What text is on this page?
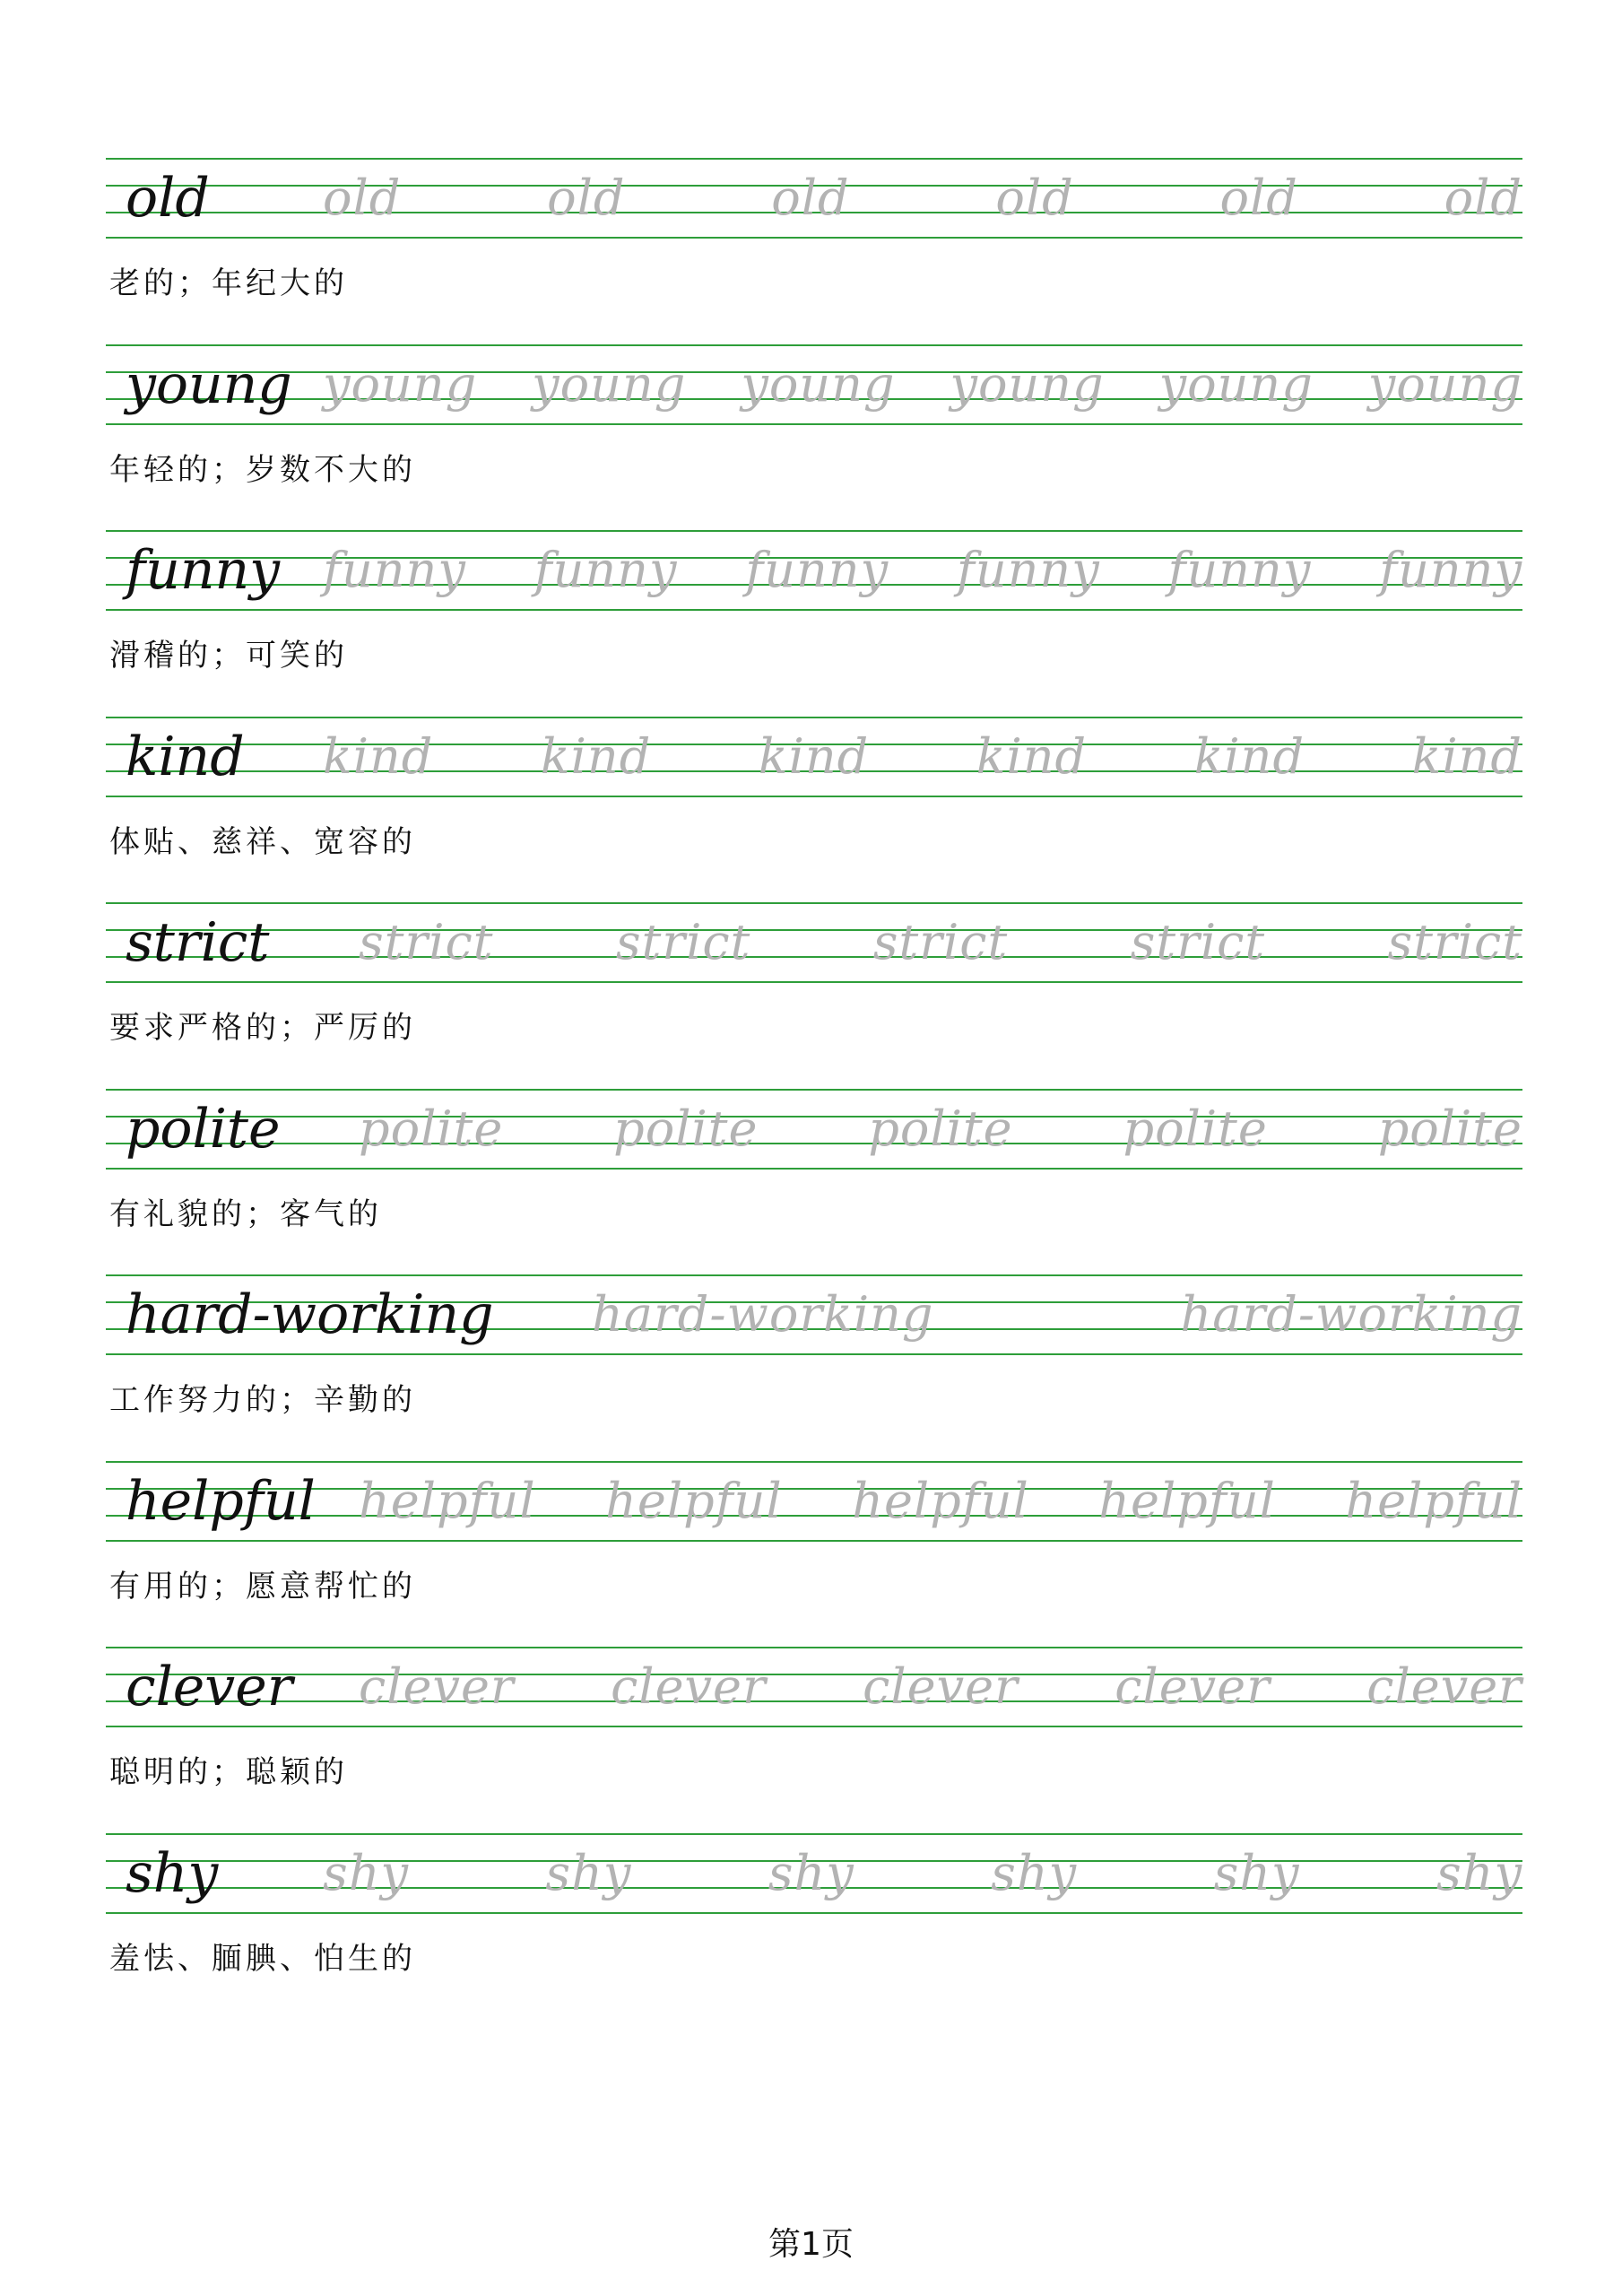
old old	old	old	old	old	old
老的；年纪大的
young young young young young young young
年轻的；岁数不大的
funny funny funny funny funny funny funny
滑稽的；可笑的
kind kind kind kind kind kind kind
体贴、慈祥、宽容的
strict strict	strict	strict	strict	strict
要求严格的；严厉的
polite polite polite polite polite polite
有礼貌的；客气的
hard-working hard-working	hard-working
工作努力的；辛勤的
helpful helpful helpful helpful helpful helpful
有用的；愿意帮忙的
clever clever clever clever clever clever
聪明的；聪颖的
shy shy	shy	shy	shy	shy	shy
羞怯、腼腆、怕生的
第1页
